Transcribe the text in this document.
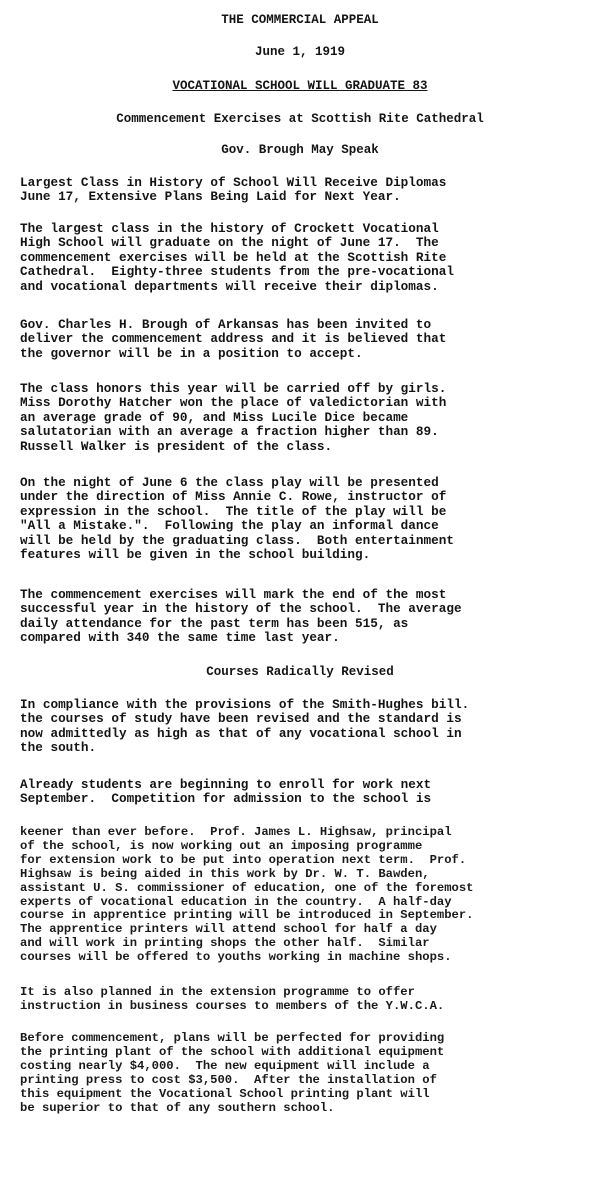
THE COMMERCIAL APPEAL
June 1, 1919
VOCATIONAL SCHOOL WILL GRADUATE 83
Commencement Exercises at Scottish Rite Cathedral
Gov. Brough May Speak

Largest Class in History of School Will Receive Diplomas
June 17, Extensive Plans Being Laid for Next Year.

The largest class in the history of Crockett Vocational
High School will graduate on the night of June 17.  The
commencement exercises will be held at the Scottish Rite
Cathedral.  Eighty-three students from the pre-vocational
and vocational departments will receive their diplomas.

Gov. Charles H. Brough of Arkansas has been invited to
deliver the commencement address and it is believed that
the governor will be in a position to accept.

The class honors this year will be carried off by girls.
Miss Dorothy Hatcher won the place of valedictorian with
an average grade of 90, and Miss Lucile Dice became
salutatorian with an average a fraction higher than 89.
Russell Walker is president of the class.

On the night of June 6 the class play will be presented
under the direction of Miss Annie C. Rowe, instructor of
expression in the school.  The title of the play will be
"All a Mistake.".  Following the play an informal dance
will be held by the graduating class.  Both entertainment
features will be given in the school building.

The commencement exercises will mark the end of the most
successful year in the history of the school.  The average
daily attendance for the past term has been 515, as
compared with 340 the same time last year.

Courses Radically Revised

In compliance with the provisions of the Smith-Hughes bill.
the courses of study have been revised and the standard is
now admittedly as high as that of any vocational school in
the south.

Already students are beginning to enroll for work next
September.  Competition for admission to the school is

keener than ever before.  Prof. James L. Highsaw, principal
of the school, is now working out an imposing programme
for extension work to be put into operation next term.  Prof.
Highsaw is being aided in this work by Dr. W. T. Bawden,
assistant U. S. commissioner of education, one of the foremost
experts of vocational education in the country.  A half-day
course in apprentice printing will be introduced in September.
The apprentice printers will attend school for half a day
and will work in printing shops the other half.  Similar
courses will be offered to youths working in machine shops.

It is also planned in the extension programme to offer
instruction in business courses to members of the Y.W.C.A.

Before commencement, plans will be perfected for providing
the printing plant of the school with additional equipment
costing nearly $4,000.  The new equipment will include a
printing press to cost $3,500.  After the installation of
this equipment the Vocational School printing plant will
be superior to that of any southern school.
